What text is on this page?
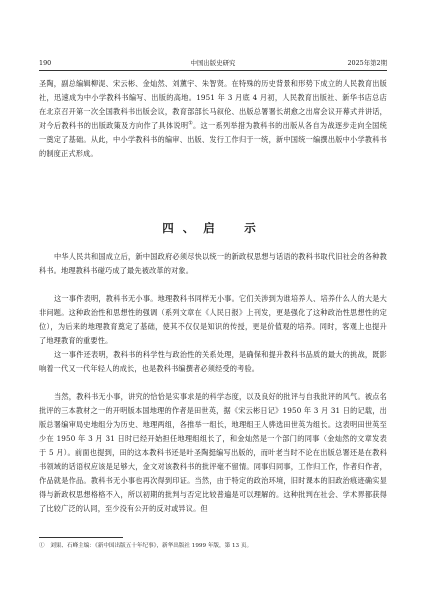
190	中国出版史研究	2025年第2期

圣陶，副总编辑柳湜、宋云彬、金灿然、刘薰宇、朱智贤。在特殊的历史背景和形势下成立的人民教育出版社，迅速成为中小学教科书编写、出版的高地。1951 年 3 月底 4 月初，人民教育出版社、新华书店总店在北京召开第一次全国教科书出版会议，教育部部长马叙伦、出版总署署长胡愈之出席会议开幕式并讲话，对今后教科书的出版政策及方向作了具体说明①。这一系列举措为教科书的出版从各自为战逐步走向全国统一奠定了基础。从此，中小学教科书的编审、出版、发行工作归于一统，新中国统一编撰出版中小学教科书的制度正式形成。

四、启　示

中华人民共和国成立后，新中国政府必须尽快以统一的新政权思想与话语的教科书取代旧社会的各种教科书。地理教科书碰巧成了最先被改革的对象。

这一事件表明，教科书无小事。地理教科书同样无小事。它们关涉到为谁培养人、培养什么人的大是大非问题。这种政治性和思想性的强调（系列文章在《人民日报》上刊发，更是强化了这种政治性思想性的定位），为后来的地理教育奠定了基础，使其不仅仅是知识的传授，更是价值观的培养。同时，客观上也提升了地理教育的重要性。

这一事件还表明，教科书的科学性与政治性的关系处理，是确保和提升教科书品质的最大的挑战，既影响着一代又一代年轻人的成长，也是教科书编撰者必须经受的考验。

当然，教科书无小事，讲究的恰恰是实事求是的科学态度，以及良好的批评与自我批评的风气。被点名批评的三本教材之一的开明版本国地理的作者是田世英，据《宋云彬日记》1950 年 3 月 31 日的记载，出版总署编审局史地组分为历史、地理两组，各推举一组长，地理组王人骅选田世英为组长。这表明田世英至少在 1950 年 3 月 31 日时已经开始担任地理组组长了，和金灿然是一个部门的同事（金灿然的文章发表于 5 月）。前面也提到，田的这本教科书还是叶圣陶挺编写出版的，而叶老当时不论在出版总署还是在教科书领域的话语权应该是足够大，金文对该教科书的批评毫不留情。同事归同事，工作归工作，作者归作者，作品就是作品。教科书无小事也再次得到印证。当然，由于特定的政治环境，旧时课本的旧政治痕迹确实显得与新政权思想格格不入，所以初期的批判与否定比较普遍是可以理解的。这种批判在社会、学术界都获得了比较广泛的认同，至少没有公开的反对或异议。但

①　刘果、石峰主编：《新中国出版五十年纪事》，新华出版社 1999 年版，第 13 页。
